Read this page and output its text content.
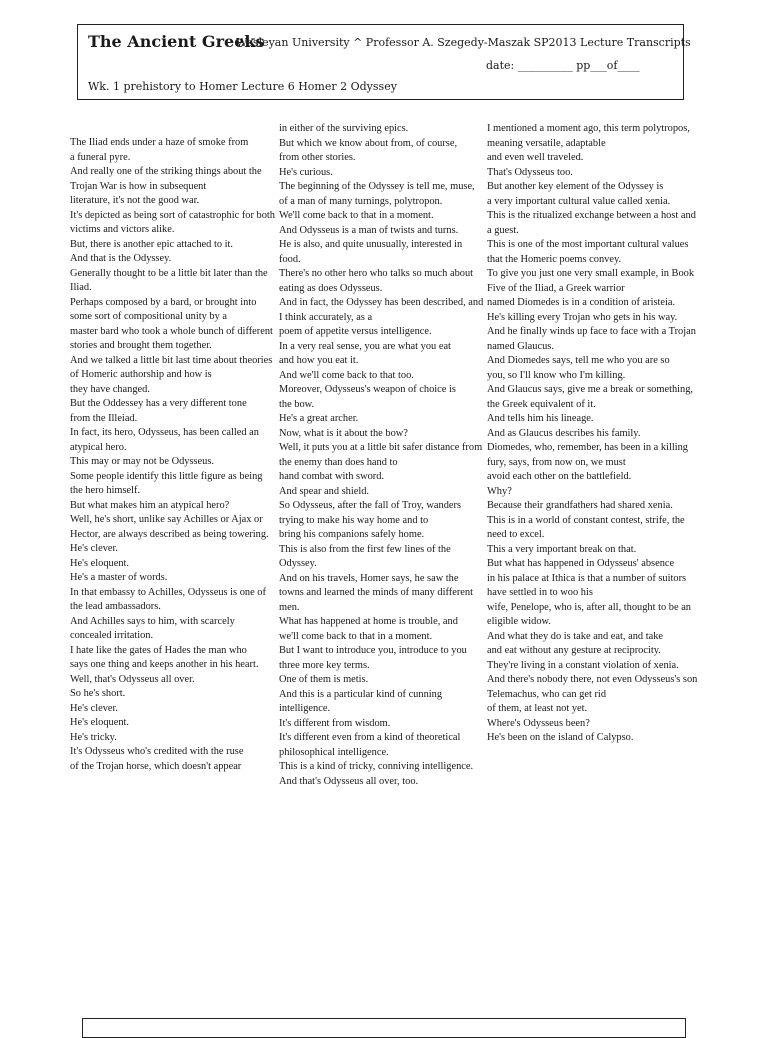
The Ancient Greeks
Wesleyan University ^ Professor A. Szegedy-Maszak SP2013 Lecture Transcripts
date: __________ pp___of____
Wk. 1 prehistory to Homer Lecture 6 Homer 2 Odyssey

The Iliad ends under a haze of smoke from

a funeral pyre.

And really one of the striking things about the Trojan War is how in subsequent

literature, it's not the good war.

It's depicted as being sort of catastrophic for both victims and victors alike.

But, there is another epic attached to it.

And that is the Odyssey.

Generally thought to be a little bit later than the Iliad.

Perhaps composed by a bard, or brought into some sort of compositional unity by a

master bard who took a whole bunch of different stories and brought them together.

And we talked a little bit last time about theories of Homeric authorship and how is

they have changed.

But the Oddessey has a very different tone

from the Illeiad.

In fact, its hero, Odysseus, has been called an atypical hero.

This may or may not be Odysseus.

Some people identify this little figure as being the hero himself.

But what makes him an atypical hero?

Well, he's short, unlike say Achilles or Ajax or Hector, are always described as being towering.

He's clever.

He's eloquent.

He's a master of words.

In that embassy to Achilles, Odysseus is one of the lead ambassadors.

And Achilles says to him, with scarcely concealed irritation.

I hate like the gates of Hades the man who

says one thing and keeps another in his heart.

Well, that's Odysseus all over.

So he's short.

He's clever.

He's eloquent.

He's tricky.

It's Odysseus who's credited with the ruse

of the Trojan horse, which doesn't appear

in either of the surviving epics.

But which we know about from, of course,

from other stories.

He's curious.

The beginning of the Odyssey is tell me, muse, of a man of many turnings, polytropon.

We'll come back to that in a moment.

And Odysseus is a man of twists and turns.

He is also, and quite unusually, interested in food.

There's no other hero who talks so much about eating as does Odysseus.

And in fact, the Odyssey has been described, and I think accurately, as a

poem of appetite versus intelligence.

In a very real sense, you are what you eat

and how you eat it.

And we'll come back to that too.

Moreover, Odysseus's weapon of choice is

the bow.

He's a great archer.

Now, what is it about the bow?

Well, it puts you at a little bit safer distance from the enemy than does hand to

hand combat with sword.

And spear and shield.

So Odysseus, after the fall of Troy, wanders trying to make his way home and to

bring his companions safely home.

This is also from the first few lines of the Odyssey.

And on his travels, Homer says, he saw the

towns and learned the minds of many different men.

What has happened at home is trouble, and

we'll come back to that in a moment.

But I want to introduce you, introduce to you three more key terms.

One of them is metis.

And this is a particular kind of cunning intelligence.

It's different from wisdom.

It's different even from a kind of theoretical philosophical intelligence.

This is a kind of tricky, conniving intelligence.

And that's Odysseus all over, too.

I mentioned a moment ago, this term polytropos, meaning versatile, adaptable

and even well traveled.

That's Odysseus too.

But another key element of the Odyssey is

a very important cultural value called xenia.

This is the ritualized exchange between a host and a guest.

This is one of the most important cultural values that the Homeric poems convey.

To give you just one very small example, in Book Five of the Iliad, a Greek warrior

named Diomedes is in a condition of aristeia.

He's killing every Trojan who gets in his way.

And he finally winds up face to face with a Trojan named Glaucus.

And Diomedes says, tell me who you are so

you, so I'll know who I'm killing.

And Glaucus says, give me a break or something, the Greek equivalent of it.

And tells him his lineage.

And as Glaucus describes his family.

Diomedes, who, remember, has been in a killing fury, says, from now on, we must

avoid each other on the battlefield.

Why?

Because their grandfathers had shared xenia.

This is in a world of constant contest, strife, the need to excel.

This a very important break on that.

But what has happened in Odysseus' absence

in his palace at Ithica is that a number of suitors have settled in to woo his

wife, Penelope, who is, after all, thought to be an eligible widow.

And what they do is take and eat, and take

and eat without any gesture at reciprocity.

They're living in a constant violation of xenia.

And there's nobody there, not even Odysseus's son Telemachus, who can get rid

of them, at least not yet.

Where's Odysseus been?

He's been on the island of Calypso.
